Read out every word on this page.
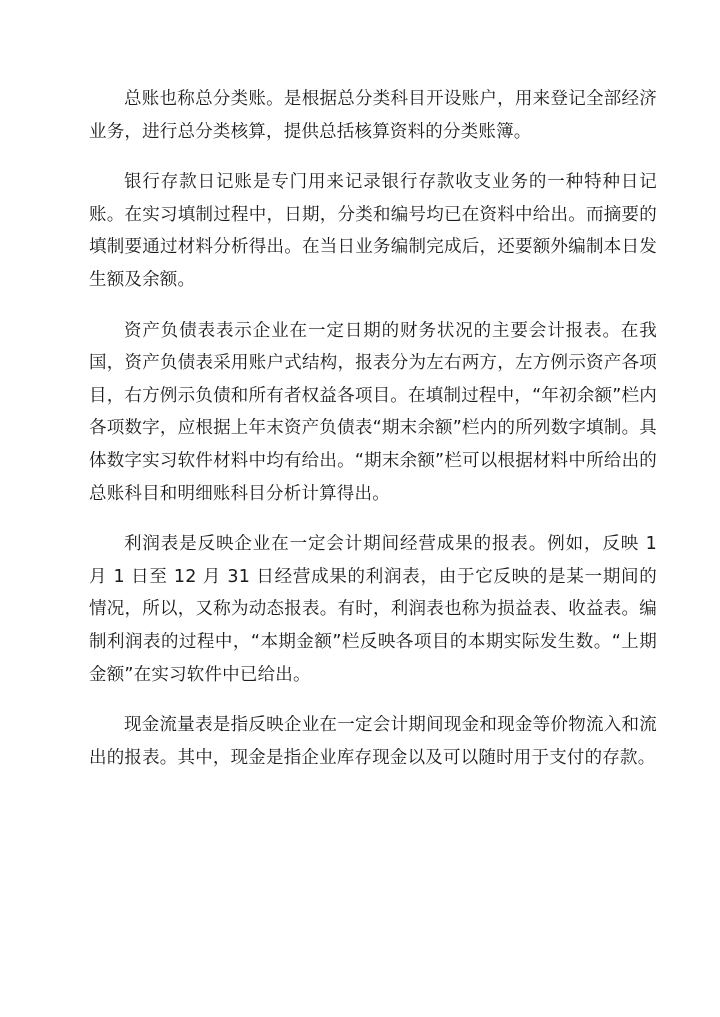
总账也称总分类账。是根据总分类科目开设账户，用来登记全部经济业务，进行总分类核算，提供总括核算资料的分类账簿。

银行存款日记账是专门用来记录银行存款收支业务的一种特种日记账。在实习填制过程中，日期，分类和编号均已在资料中给出。而摘要的填制要通过材料分析得出。在当日业务编制完成后，还要额外编制本日发生额及余额。

资产负债表表示企业在一定日期的财务状况的主要会计报表。在我国，资产负债表采用账户式结构，报表分为左右两方，左方例示资产各项目，右方例示负债和所有者权益各项目。在填制过程中，“年初余额”栏内各项数字，应根据上年末资产负债表“期末余额”栏内的所列数字填制。具体数字实习软件材料中均有给出。“期末余额”栏可以根据材料中所给出的总账科目和明细账科目分析计算得出。

利润表是反映企业在一定会计期间经营成果的报表。例如，反映 1 月 1 日至 12 月 31 日经营成果的利润表，由于它反映的是某一期间的情况，所以，又称为动态报表。有时，利润表也称为损益表、收益表。编制利润表的过程中，“本期金额”栏反映各项目的本期实际发生数。“上期金额”在实习软件中已给出。

现金流量表是指反映企业在一定会计期间现金和现金等价物流入和流出的报表。其中，现金是指企业库存现金以及可以随时用于支付的存款。
